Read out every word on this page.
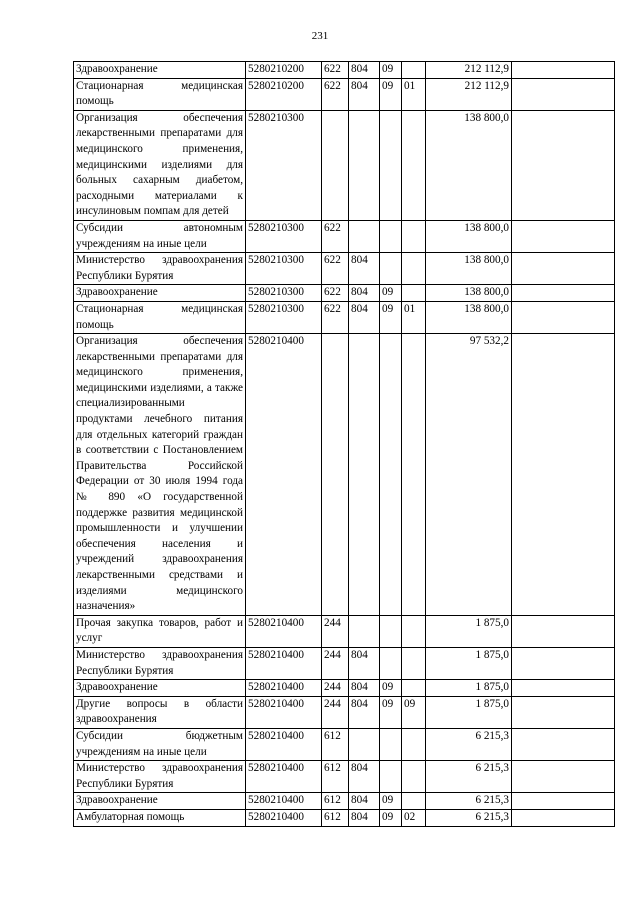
231
Здравоохранение	5280210200	622	804	09		212 112,9	
Стационарная медицинская помощь	5280210200	622	804	09	01	212 112,9	
Организация обеспечения лекарственными препаратами для медицинского применения, медицинскими изделиями для больных сахарным диабетом, расходными материалами к инсулиновым помпам для детей	5280210300					138 800,0	
Субсидии автономным учреждениям на иные цели	5280210300	622				138 800,0	
Министерство здравоохранения Республики Бурятия	5280210300	622	804			138 800,0	
Здравоохранение	5280210300	622	804	09		138 800,0	
Стационарная медицинская помощь	5280210300	622	804	09	01	138 800,0	
Организация обеспечения лекарственными препаратами для медицинского применения, медицинскими изделиями, а также специализированными продуктами лечебного питания для отдельных категорий граждан в соответствии с Постановлением Правительства Российской Федерации от 30 июля 1994 года № 890 «О государственной поддержке развития медицинской промышленности и улучшении обеспечения населения и учреждений здравоохранения лекарственными средствами и изделиями медицинского назначения»	5280210400					97 532,2	
Прочая закупка товаров, работ и услуг	5280210400	244				1 875,0	
Министерство здравоохранения Республики Бурятия	5280210400	244	804			1 875,0	
Здравоохранение	5280210400	244	804	09		1 875,0	
Другие вопросы в области здравоохранения	5280210400	244	804	09	09	1 875,0	
Субсидии бюджетным учреждениям на иные цели	5280210400	612				6 215,3	
Министерство здравоохранения Республики Бурятия	5280210400	612	804			6 215,3	
Здравоохранение	5280210400	612	804	09		6 215,3	
Амбулаторная помощь	5280210400	612	804	09	02	6 215,3	
